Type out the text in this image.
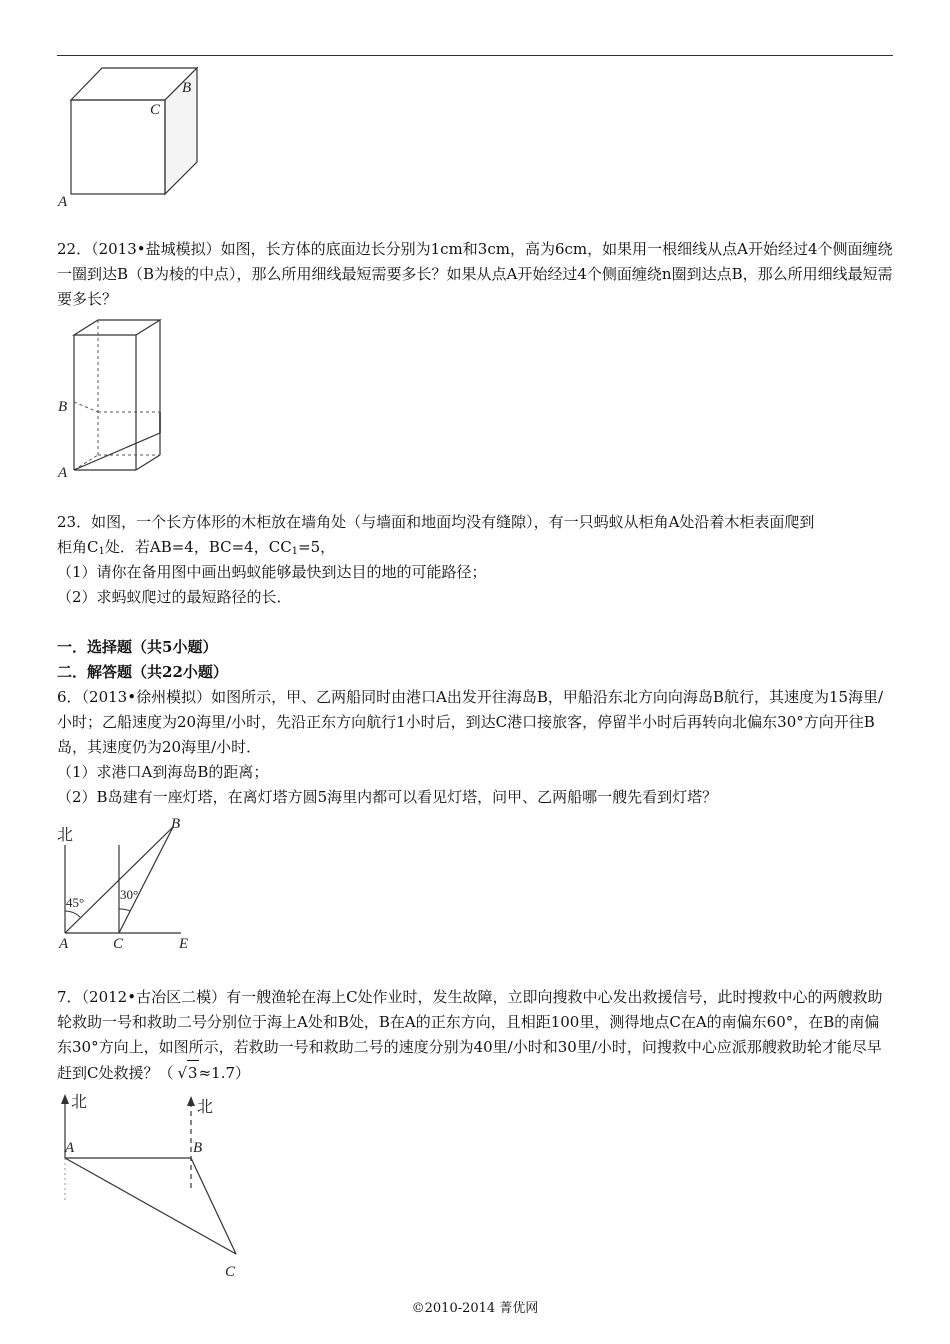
A
B
C

22．（2013•盐城模拟）如图，长方体的底面边长分别为1cm和3cm，高为6cm，如果用一根细线从点A开始经过4个侧面缠绕一圈到达B（B为棱的中点），那么所用细线最短需要多长？如果从点A开始经过4个侧面缠绕n圈到达点B，那么所用细线最短需要多长？

B
A

23．如图，一个长方体形的木柜放在墙角处（与墙面和地面均没有缝隙），有一只蚂蚁从柜角A处沿着木柜表面爬到

柜角$C_1$处．若AB=4，BC=4，$CC_1=5$，

（1）请你在备用图中画出蚂蚁能够最快到达目的地的可能路径；

（2）求蚂蚁爬过的最短路径的长．

一．选择题（共5小题）

二．解答题（共22小题）

6．（2013•徐州模拟）如图所示，甲、乙两船同时由港口A出发开往海岛B，甲船沿东北方向向海岛B航行，其速度为15海里/小时；乙船速度为20海里/小时，先沿正东方向航行1小时后，到达C港口接旅客，停留半小时后再转向北偏东30°方向开往B岛，其速度仍为20海里/小时．

（1）求港口A到海岛B的距离；

（2）B岛建有一座灯塔，在离灯塔方圆5海里内都可以看见灯塔，问甲、乙两船哪一艘先看到灯塔？

北
45°
30°
B
A	C	E

7．（2012•古冶区二模）有一艘渔轮在海上C处作业时，发生故障，立即向搜救中心发出救援信号，此时搜救中心的两艘救助轮救助一号和救助二号分别位于海上A处和B处，B在A的正东方向，且相距100里，测得地点C在A的南偏东60°，在B的南偏东30°方向上，如图所示，若救助一号和救助二号的速度分别为40里/小时和30里/小时，问搜救中心应派那艘救助轮才能尽早赶到C处救援？（ √3≈1.7）

北	北
A	B
C
©2010-2014 菁优网
